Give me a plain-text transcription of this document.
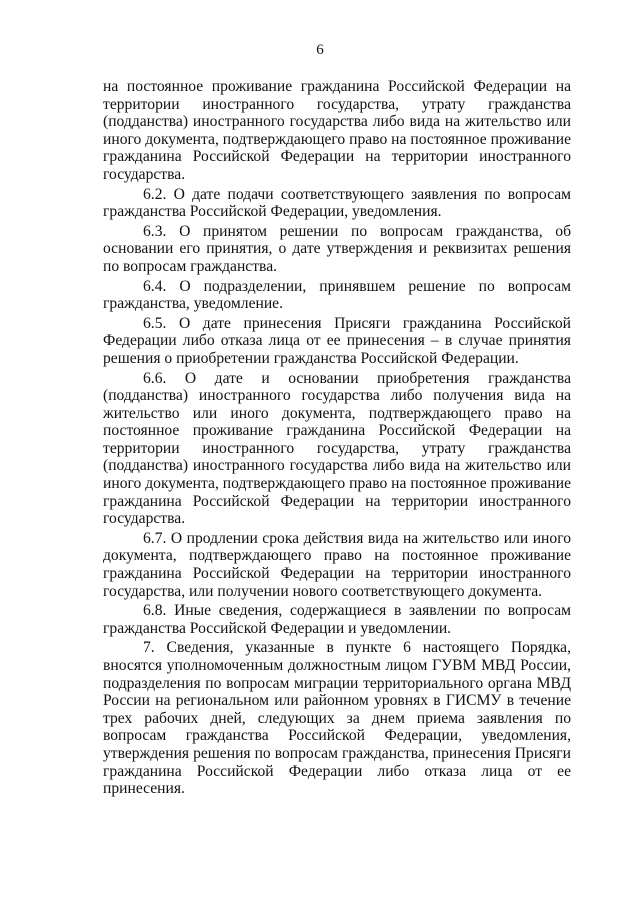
6

на постоянное проживание гражданина Российской Федерации на территории иностранного государства, утрату гражданства (подданства) иностранного государства либо вида на жительство или иного документа, подтверждающего право на постоянное проживание гражданина Российской Федерации на территории иностранного государства.

6.2. О дате подачи соответствующего заявления по вопросам гражданства Российской Федерации, уведомления.

6.3. О принятом решении по вопросам гражданства, об основании его принятия, о дате утверждения и реквизитах решения по вопросам гражданства.

6.4. О подразделении, принявшем решение по вопросам гражданства, уведомление.

6.5. О дате принесения Присяги гражданина Российской Федерации либо отказа лица от ее принесения – в случае принятия решения о приобретении гражданства Российской Федерации.

6.6. О дате и основании приобретения гражданства (подданства) иностранного государства либо получения вида на жительство или иного документа, подтверждающего право на постоянное проживание гражданина Российской Федерации на территории иностранного государства, утрату гражданства (подданства) иностранного государства либо вида на жительство или иного документа, подтверждающего право на постоянное проживание гражданина Российской Федерации на территории иностранного государства.

6.7. О продлении срока действия вида на жительство или иного документа, подтверждающего право на постоянное проживание гражданина Российской Федерации на территории иностранного государства, или получении нового соответствующего документа.

6.8. Иные сведения, содержащиеся в заявлении по вопросам гражданства Российской Федерации и уведомлении.

7. Сведения, указанные в пункте 6 настоящего Порядка, вносятся уполномоченным должностным лицом ГУВМ МВД России, подразделения по вопросам миграции территориального органа МВД России на региональном или районном уровнях в ГИСМУ в течение трех рабочих дней, следующих за днем приема заявления по вопросам гражданства Российской Федерации, уведомления, утверждения решения по вопросам гражданства, принесения Присяги гражданина Российской Федерации либо отказа лица от ее принесения.
